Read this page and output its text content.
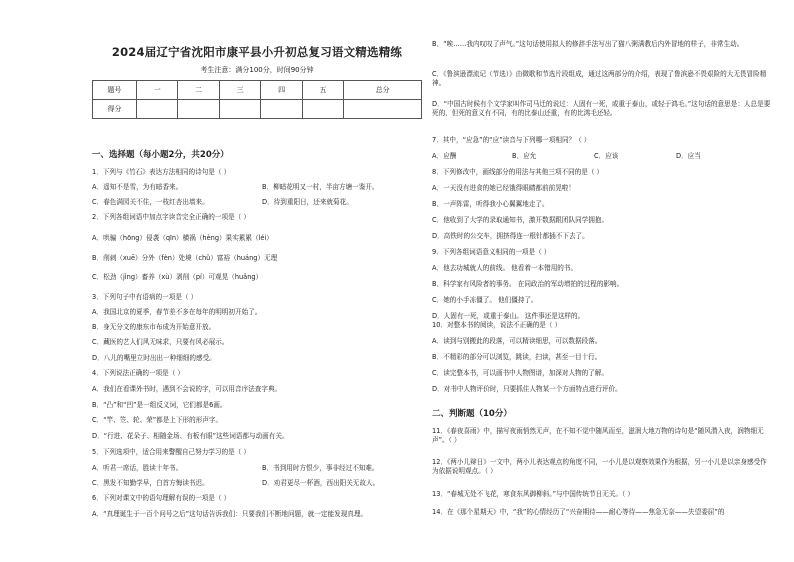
2024届辽宁省沈阳市康平县小升初总复习语文精选精练
考生注意：满分100分，时间90分钟
题号	一	二	三	四	五	总分
得分						
一、选择题（每小题2分，共20分）
1．下列与《竹石》表达方法相同的诗句是（ ）
A．遥知不是雪，为有暗香来。	B．柳暗花明又一村，半亩方塘一鉴开。
C．春色满园关不住，一枝红杏出墙来。	D．待到重阳日，还来就菊花。
2．下列各组词语中加点字读音完全正确的一项是（ ）
A．哄骗（hōng）侵袭（qīn）横祸（hèng）果实累累（léi）
B．削刺（xuē）分外（fèn）处境（chǔ）富裕（huáng）无理
C．松劲（jìng）畜养（xù）剥削（pí）可观晃（huǎng）
3．下列句子中有语病的一项是（ ）
A．我国北京的夏季，春节差不多在每年的明明初开始了。
B．身无分文的康东市布成为开始意开放。
C．藏医的艺人们风无味求，只要有风必展示。
D．八儿的嘴里立时出出一种细细的感受。
4．下列说法正确的一项是（ ）
A．我们在看课外书时，遇到不会说的字，可以用音序法查字典。
B．“凸”和“凹”是一组反义词，它们都是6画。
C．“竿、笠、轮、荣”都是上下形的形声字。
D．“行进、花朵子、相随金场、有板有眼”这些词语都与动画有关。
5．下列选项中，适合用来警醒自己努力学习的是（ ）
A．听君一席话，胜读十年书。	B．书到用时方恨少，事非经过不知难。
C．黑发不知勤学早，白首方悔读书迟。	D．劝君更尽一杯酒，西出阳关无故人。
6．下列对课文中的语句理解有误的一项是（ ）
A．“真理诞生于一百个问号之后”这句话告诉我们：只要我们不断地问题，就一定能发现真理。
B．“唉……我内叹叹了声气。”这句话使用拟人的修辞手法写出了猫八粥满教后内外冒地的样子，非常生动。
C．《鲁滨逊漂流记（节选）》由微歌和节选片段组成，通过这两部分的介绍，表现了鲁滨逊不畏艰险的大无畏冒险精神。
D．“中国古时候有个文学家叫作司马迁的说过：人固有一死，或重于泰山，或轻于鸿毛。”这句话的意思是：人总是要死的，但死的意义有不同，有的比泰山还重，有的比鸿毛还轻。
7．其中，“应急”的“应”读音与下列哪一项相同？（ ）
A．应酬	B．应允	C．应该	D．应当
8．下列修改中，画线部分的用法与其他三项不同的是（ ）
A．一天没有进食的她已经饿得眼睛都前前晃啦！
B．一声阵雷，听得我小心翼翼地走了。
C．他收到了大学的录取通知书，激开数据跟团队同学拥抱。
D．高铁时的公交车，拥挤得连一根针都插不下去了。
9．下列各组词语意义相同的一项是（ ）
A．他去功城就人的前线。 他看着一本错用的书。
B．科学家有风险者的事务。 在同政治的军动增拍的过程的影响。
C．她的小手冻僵了。 他们僵持了。
D．人固有一死，或重于泰山。 这件事还是这样的。
10．对整本书的阅读，说法不正确的是（ ）
A．读到与别搬此的段落，可以精读细思，可以数据段落。
B．不精彩的部分可以浏览，跳读，扫读，甚至一目十行。
C．读完整本书，可以画书中人物图谱，加深对人物的了解。
D．对书中人物评价时，只要抓住人物某一个方面特点进行评价。
二、判断题（10分）
11．《春夜喜雨》中，描写夜雨悄然无声，在不知不觉中随风而至，滋润大地万物的诗句是“随风潜入夜，润物细无声”。（ ）
12．《两小儿辩日》一文中，两小儿表达观点的角度不同，一小儿是以观察效果作为根据，另一小儿是以亲身感受作为依据说明观点。（ ）
13．“春城无处不飞花，寒食东风御柳斜。”与中国传统节日无关。（ ）
14．在《那个星期天》中，“我”的心情经历了“兴奋期待——耐心等待——焦急无奈——失望委屈”的
